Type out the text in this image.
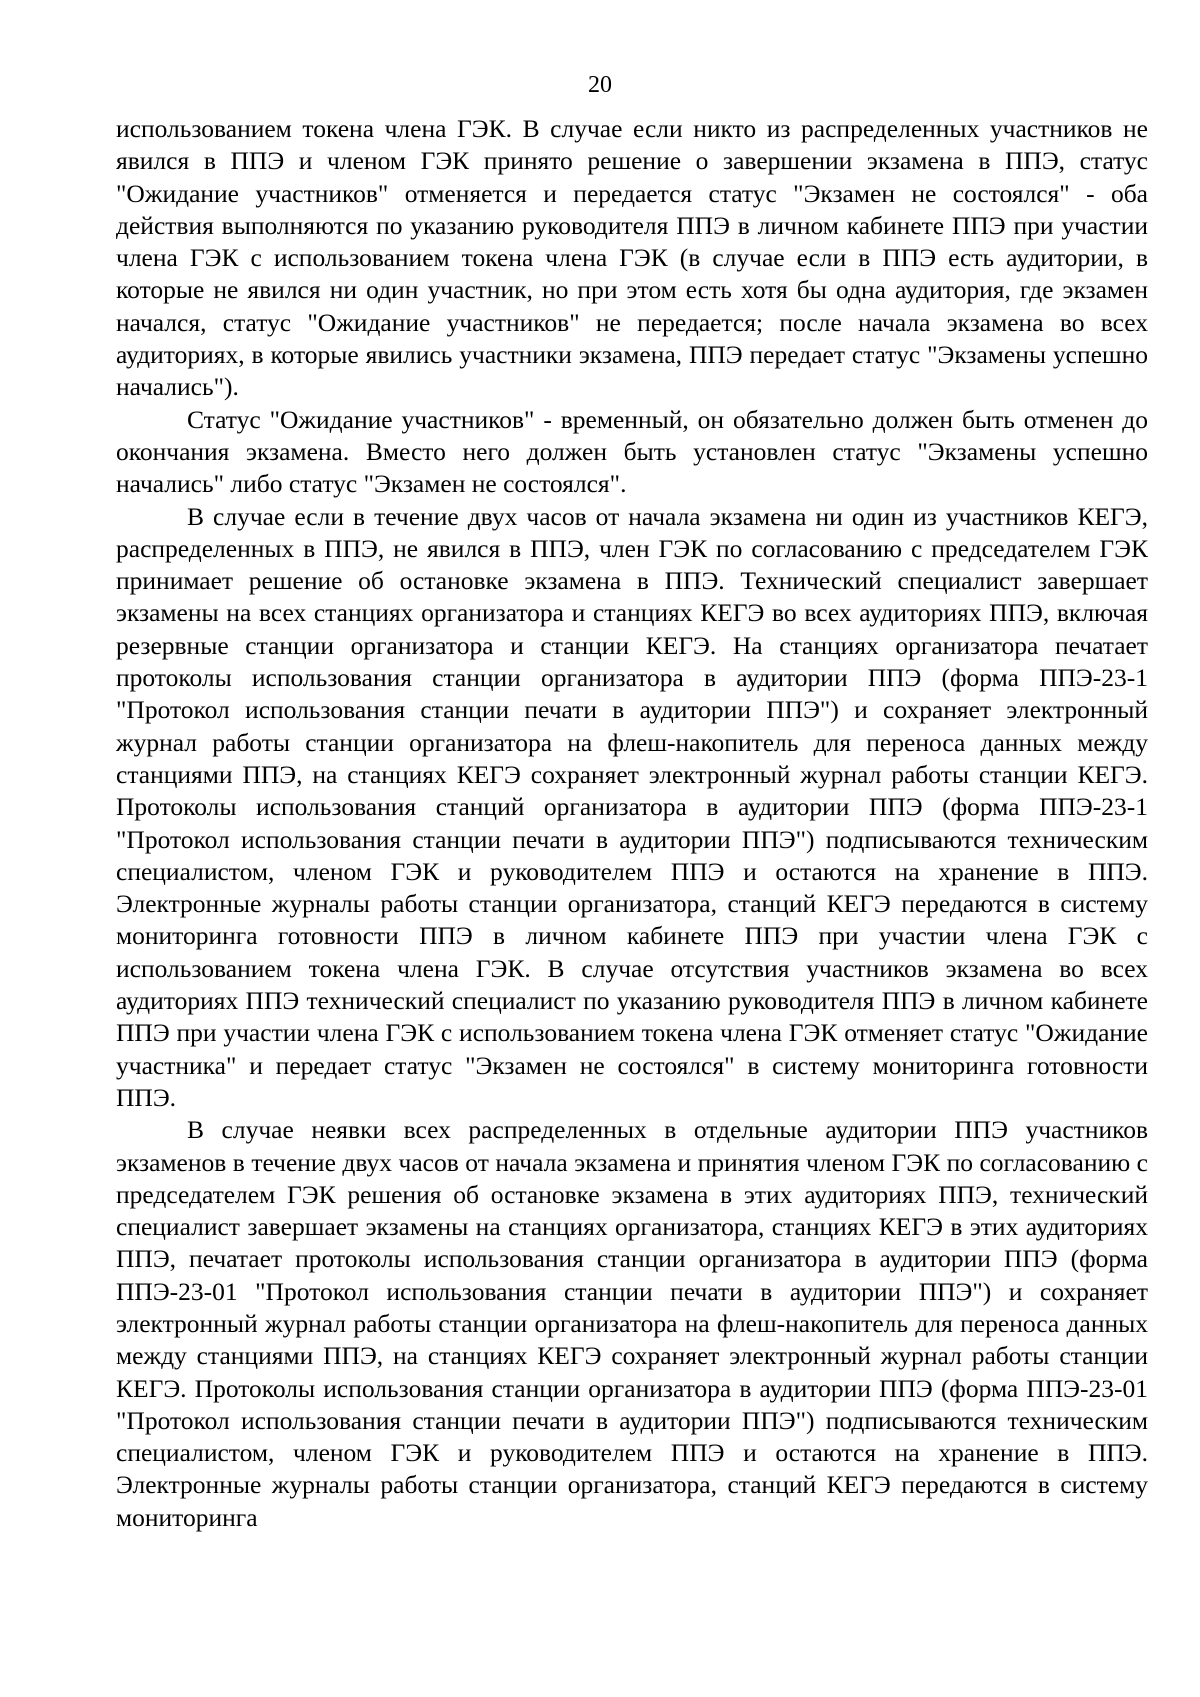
20

использованием токена члена ГЭК. В случае если никто из распределенных участников не явился в ППЭ и членом ГЭК принято решение о завершении экзамена в ППЭ, статус "Ожидание участников" отменяется и передается статус "Экзамен не состоялся" - оба действия выполняются по указанию руководителя ППЭ в личном кабинете ППЭ при участии члена ГЭК с использованием токена члена ГЭК (в случае если в ППЭ есть аудитории, в которые не явился ни один участник, но при этом есть хотя бы одна аудитория, где экзамен начался, статус "Ожидание участников" не передается; после начала экзамена во всех аудиториях, в которые явились участники экзамена, ППЭ передает статус "Экзамены успешно начались").

Статус "Ожидание участников" - временный, он обязательно должен быть отменен до окончания экзамена. Вместо него должен быть установлен статус "Экзамены успешно начались" либо статус "Экзамен не состоялся".

В случае если в течение двух часов от начала экзамена ни один из участников КЕГЭ, распределенных в ППЭ, не явился в ППЭ, член ГЭК по согласованию с председателем ГЭК принимает решение об остановке экзамена в ППЭ. Технический специалист завершает экзамены на всех станциях организатора и станциях КЕГЭ во всех аудиториях ППЭ, включая резервные станции организатора и станции КЕГЭ. На станциях организатора печатает протоколы использования станции организатора в аудитории ППЭ (форма ППЭ-23-1 "Протокол использования станции печати в аудитории ППЭ") и сохраняет электронный журнал работы станции организатора на флеш-накопитель для переноса данных между станциями ППЭ, на станциях КЕГЭ сохраняет электронный журнал работы станции КЕГЭ. Протоколы использования станций организатора в аудитории ППЭ (форма ППЭ-23-1 "Протокол использования станции печати в аудитории ППЭ") подписываются техническим специалистом, членом ГЭК и руководителем ППЭ и остаются на хранение в ППЭ. Электронные журналы работы станции организатора, станций КЕГЭ передаются в систему мониторинга готовности ППЭ в личном кабинете ППЭ при участии члена ГЭК с использованием токена члена ГЭК. В случае отсутствия участников экзамена во всех аудиториях ППЭ технический специалист по указанию руководителя ППЭ в личном кабинете ППЭ при участии члена ГЭК с использованием токена члена ГЭК отменяет статус "Ожидание участника" и передает статус "Экзамен не состоялся" в систему мониторинга готовности ППЭ.

В случае неявки всех распределенных в отдельные аудитории ППЭ участников экзаменов в течение двух часов от начала экзамена и принятия членом ГЭК по согласованию с председателем ГЭК решения об остановке экзамена в этих аудиториях ППЭ, технический специалист завершает экзамены на станциях организатора, станциях КЕГЭ в этих аудиториях ППЭ, печатает протоколы использования станции организатора в аудитории ППЭ (форма ППЭ-23-01 "Протокол использования станции печати в аудитории ППЭ") и сохраняет электронный журнал работы станции организатора на флеш-накопитель для переноса данных между станциями ППЭ, на станциях КЕГЭ сохраняет электронный журнал работы станции КЕГЭ. Протоколы использования станции организатора в аудитории ППЭ (форма ППЭ-23-01 "Протокол использования станции печати в аудитории ППЭ") подписываются техническим специалистом, членом ГЭК и руководителем ППЭ и остаются на хранение в ППЭ. Электронные журналы работы станции организатора, станций КЕГЭ передаются в систему мониторинга
